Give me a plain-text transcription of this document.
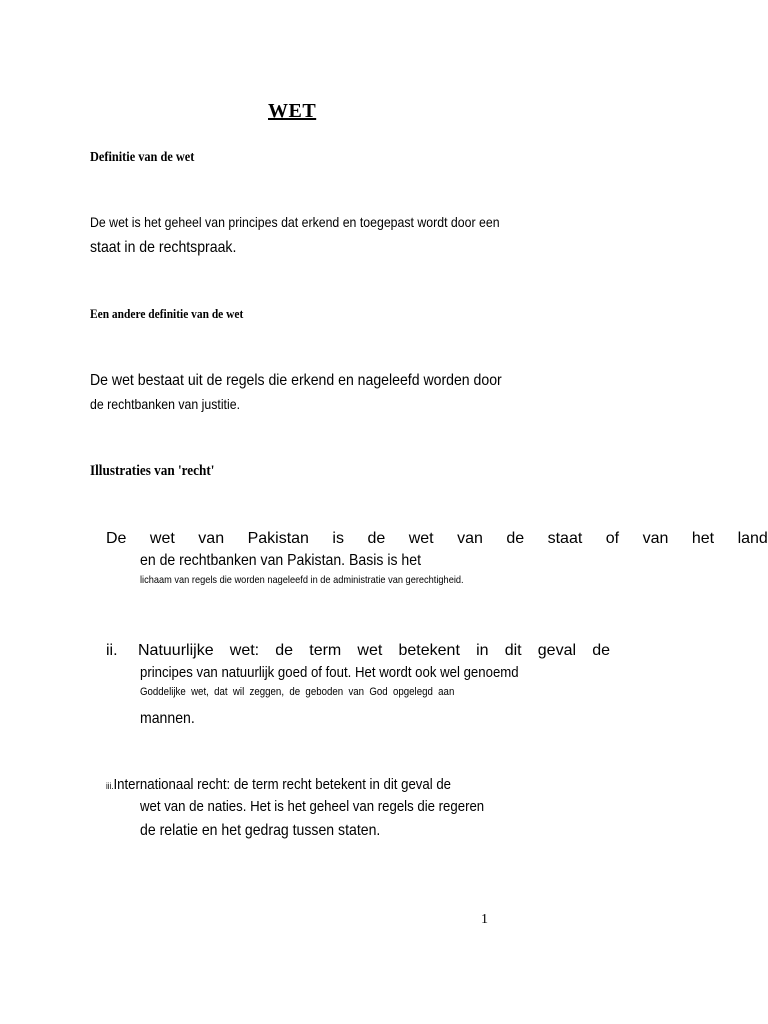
WET
Definitie van de wet
De wet is het geheel van principes dat erkend en toegepast wordt door een
staat in de rechtspraak.
Een andere definitie van de wet
De wet bestaat uit de regels die erkend en nageleefd worden door
de rechtbanken van justitie.
Illustraties van 'recht'
De wet van Pakistan is de wet van de staat of van het land
en de rechtbanken van Pakistan. Basis is het
lichaam van regels die worden nageleefd in de administratie van gerechtigheid.
ii. Natuurlijke wet: de term wet betekent in dit geval de
principes van natuurlijk goed of fout. Het wordt ook wel genoemd
Goddelijke wet, dat wil zeggen, de geboden van God opgelegd aan
mannen.
iii.Internationaal recht: de term recht betekent in dit geval de
wet van de naties. Het is het geheel van regels die regeren
de relatie en het gedrag tussen staten.
1
